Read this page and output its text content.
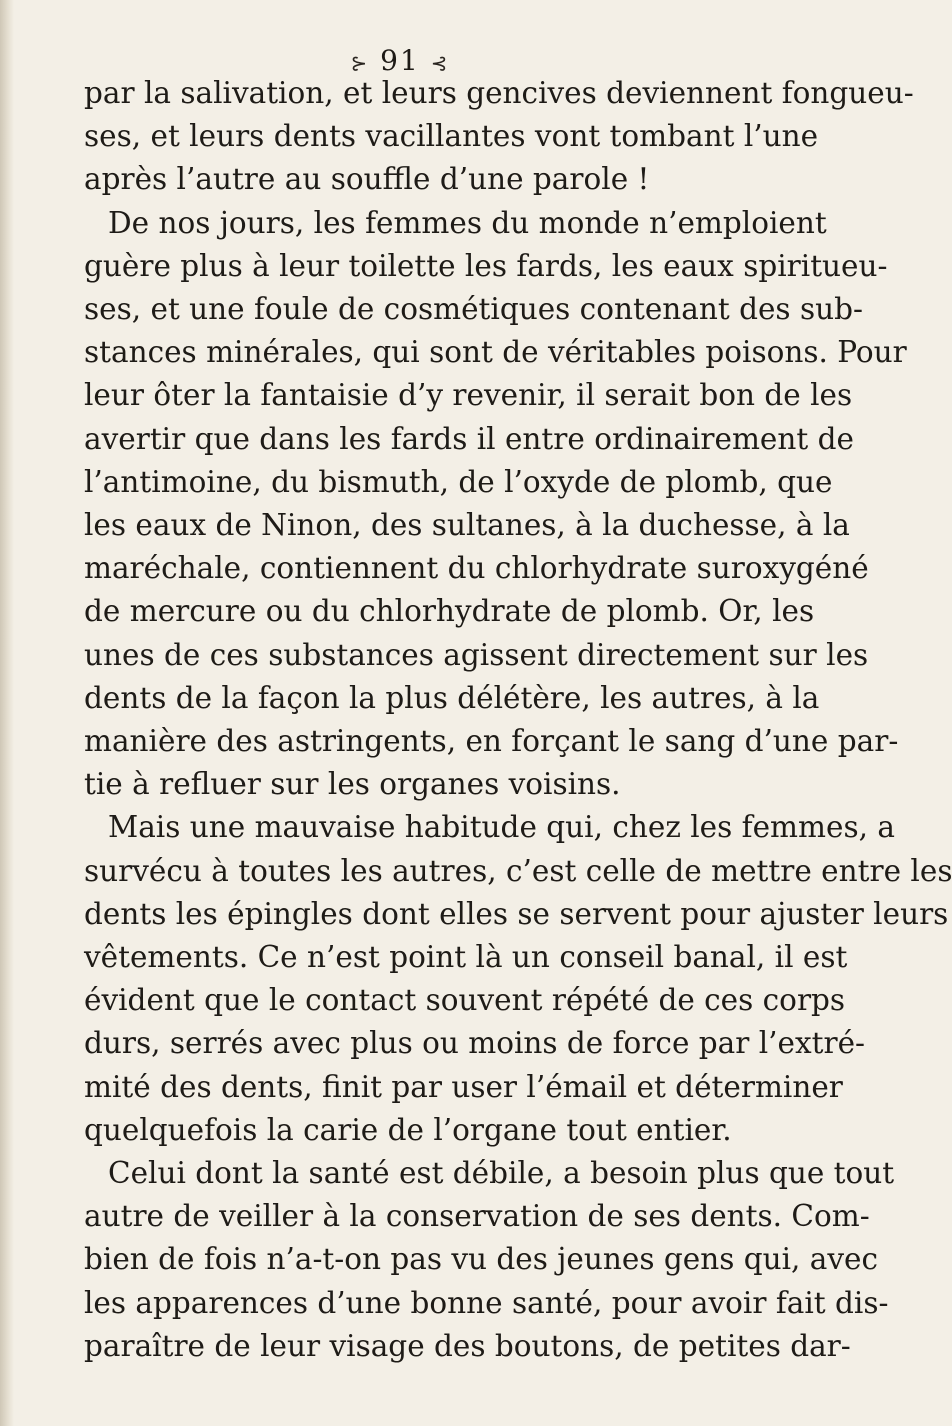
⊱ 91 ⊰
par la salivation, et leurs gencives deviennent fongueu-
ses, et leurs dents vacillantes vont tombant l’une
après l’autre au souffle d’une parole !
De nos jours, les femmes du monde n’emploient
guère plus à leur toilette les fards, les eaux spiritueu-
ses, et une foule de cosmétiques contenant des sub-
stances minérales, qui sont de véritables poisons. Pour
leur ôter la fantaisie d’y revenir, il serait bon de les
avertir que dans les fards il entre ordinairement de
l’antimoine, du bismuth, de l’oxyde de plomb, que
les eaux de Ninon, des sultanes, à la duchesse, à la
maréchale, contiennent du chlorhydrate suroxygéné
de mercure ou du chlorhydrate de plomb. Or, les
unes de ces substances agissent directement sur les
dents de la façon la plus délétère, les autres, à la
manière des astringents, en forçant le sang d’une par-
tie à refluer sur les organes voisins.
Mais une mauvaise habitude qui, chez les femmes, a
survécu à toutes les autres, c’est celle de mettre entre les
dents les épingles dont elles se servent pour ajuster leurs
vêtements. Ce n’est point là un conseil banal, il est
évident que le contact souvent répété de ces corps
durs, serrés avec plus ou moins de force par l’extré-
mité des dents, finit par user l’émail et déterminer
quelquefois la carie de l’organe tout entier.
Celui dont la santé est débile, a besoin plus que tout
autre de veiller à la conservation de ses dents. Com-
bien de fois n’a-t-on pas vu des jeunes gens qui, avec
les apparences d’une bonne santé, pour avoir fait dis-
paraître de leur visage des boutons, de petites dar-
